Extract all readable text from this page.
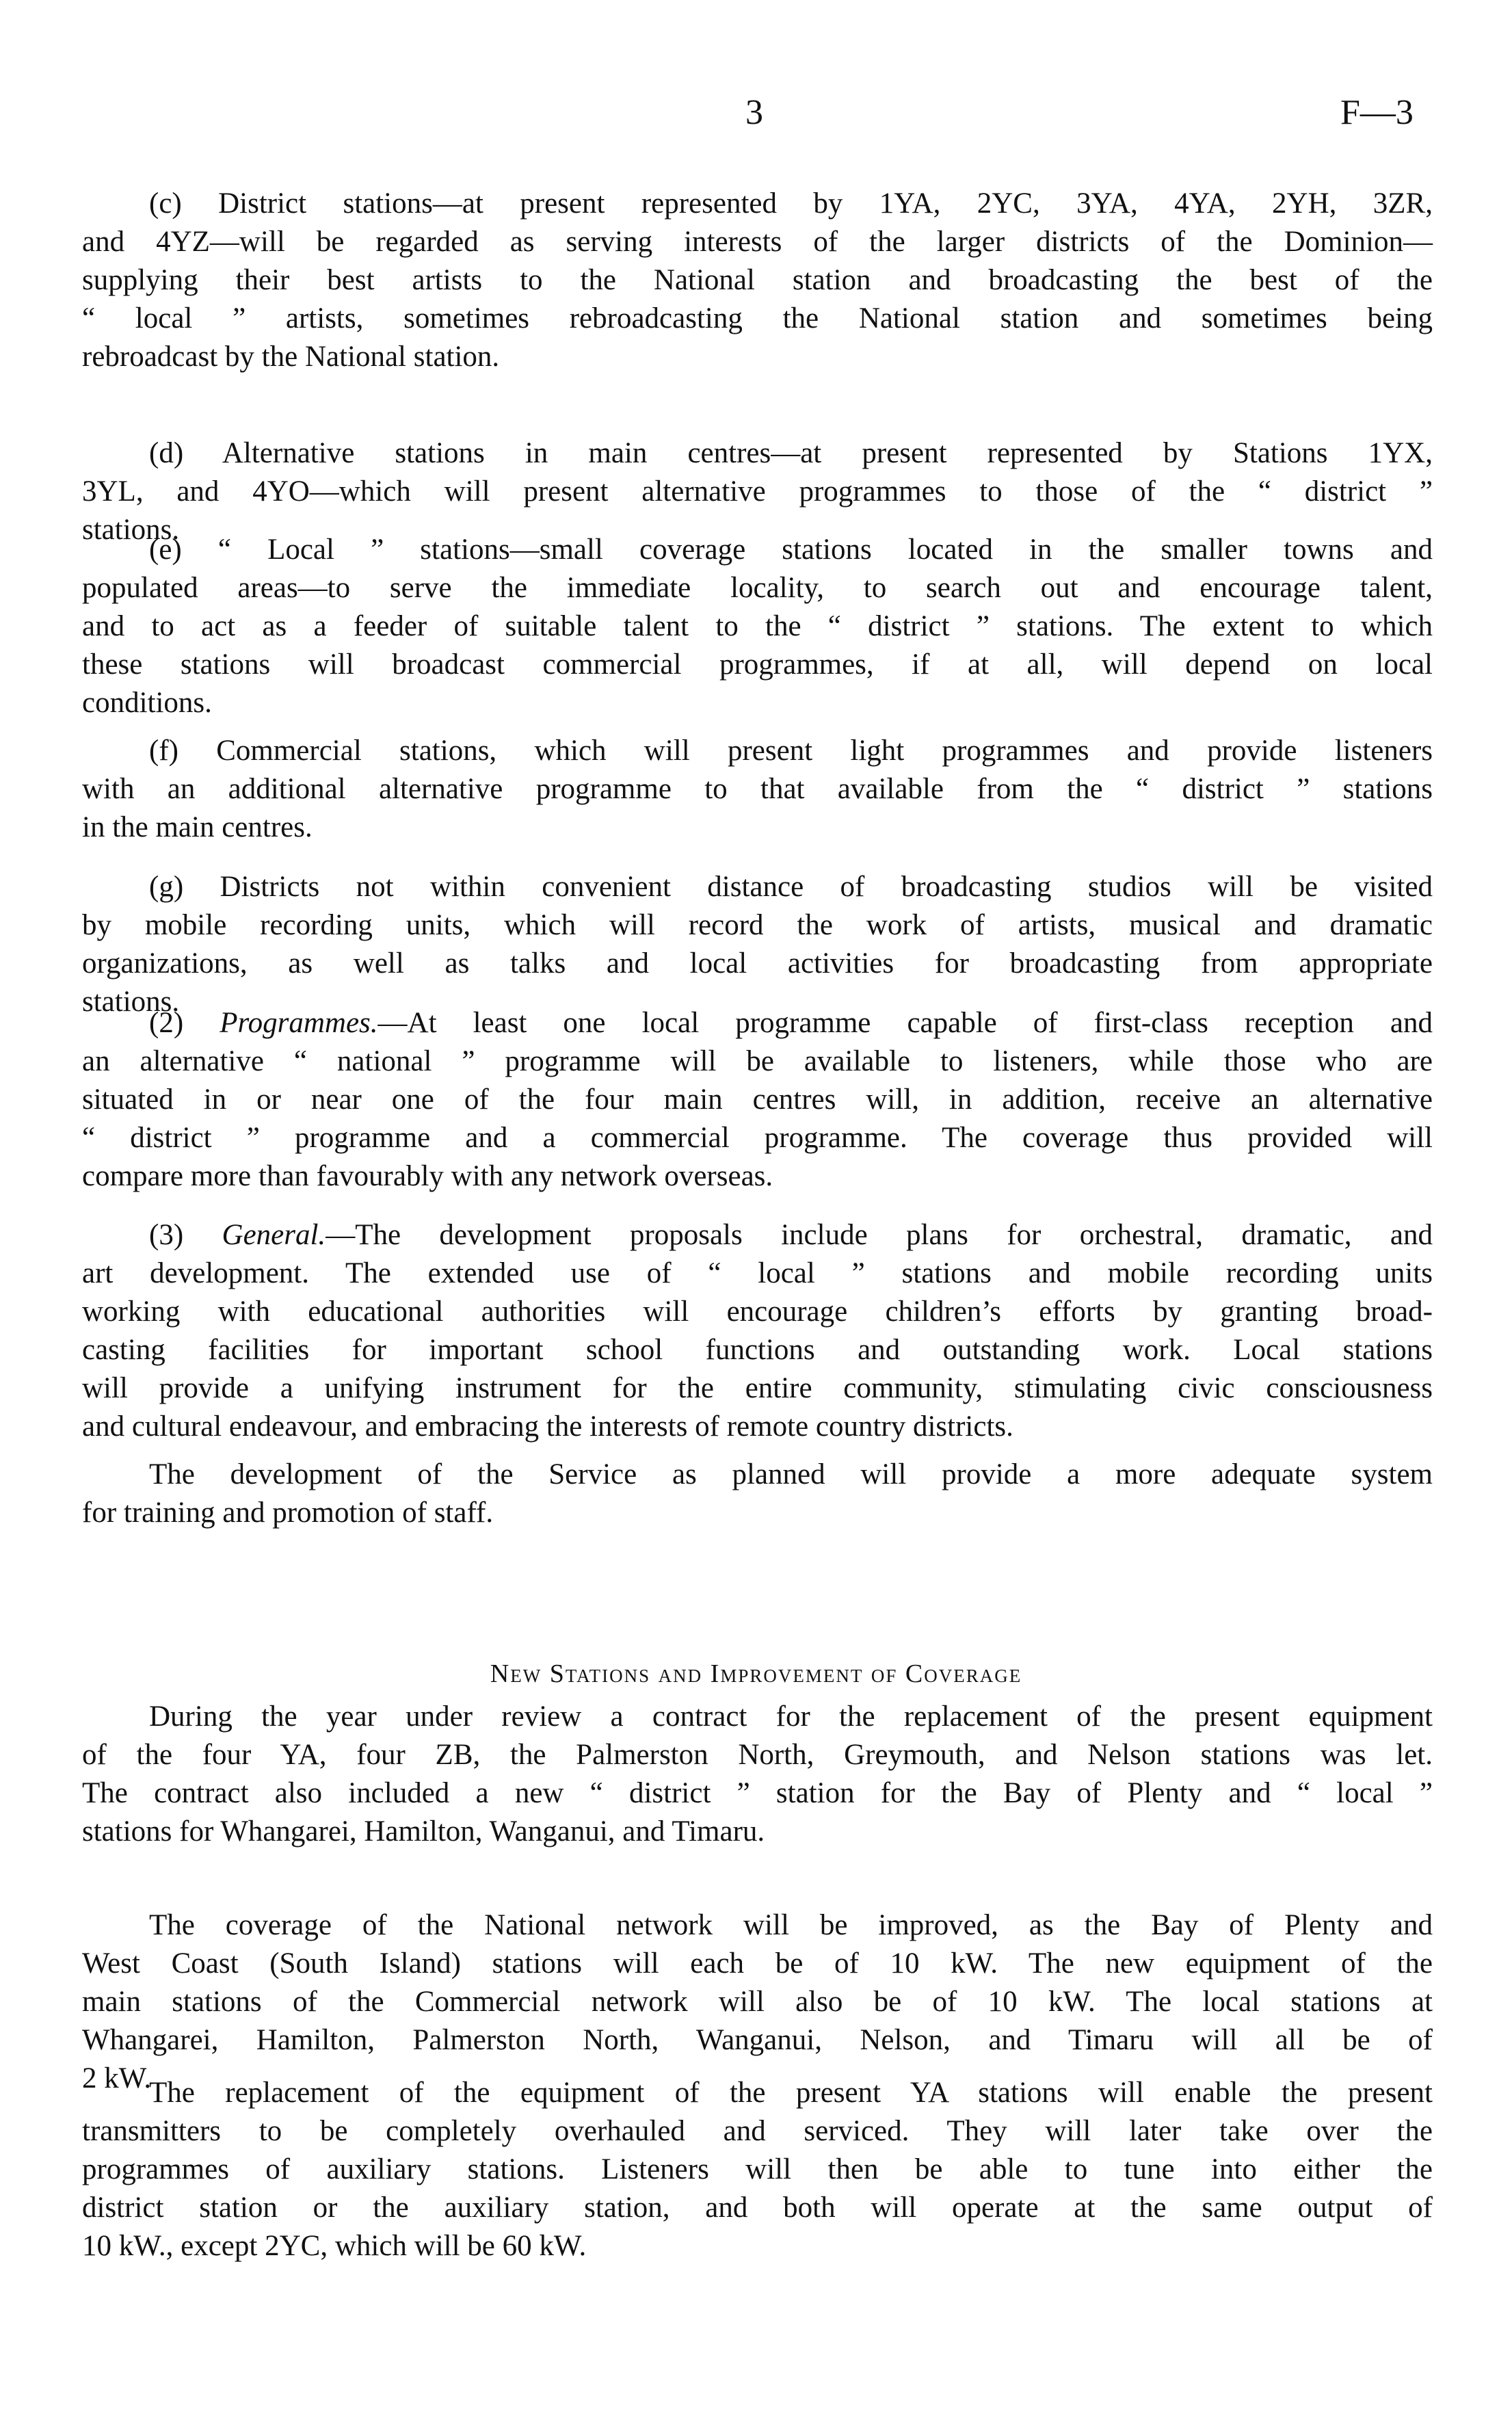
3	F—3
(c) District stations—at present represented by 1YA, 2YC, 3YA, 4YA, 2YH, 3ZR,
and 4YZ—will be regarded as serving interests of the larger districts of the Dominion—
supplying their best artists to the National station and broadcasting the best of the
“ local ” artists, sometimes rebroadcasting the National station and sometimes being
rebroadcast by the National station.
(d) Alternative stations in main centres—at present represented by Stations 1YX,
3YL, and 4YO—which will present alternative programmes to those of the “ district ”
stations.
(e) “ Local ” stations—small coverage stations located in the smaller towns and
populated areas—to serve the immediate locality, to search out and encourage talent,
and to act as a feeder of suitable talent to the “ district ” stations. The extent to which
these stations will broadcast commercial programmes, if at all, will depend on local
conditions.
(f) Commercial stations, which will present light programmes and provide listeners
with an additional alternative programme to that available from the “ district ” stations
in the main centres.
(g) Districts not within convenient distance of broadcasting studios will be visited
by mobile recording units, which will record the work of artists, musical and dramatic
organizations, as well as talks and local activities for broadcasting from appropriate
stations.
(2) Programmes.—At least one local programme capable of first-class reception and
an alternative “ national ” programme will be available to listeners, while those who are
situated in or near one of the four main centres will, in addition, receive an alternative
“ district ” programme and a commercial programme. The coverage thus provided will
compare more than favourably with any network overseas.
(3) General.—The development proposals include plans for orchestral, dramatic, and
art development. The extended use of “ local ” stations and mobile recording units
working with educational authorities will encourage children’s efforts by granting broad-
casting facilities for important school functions and outstanding work. Local stations
will provide a unifying instrument for the entire community, stimulating civic consciousness
and cultural endeavour, and embracing the interests of remote country districts.
The development of the Service as planned will provide a more adequate system
for training and promotion of staff.
New Stations and Improvement of Coverage
During the year under review a contract for the replacement of the present equipment
of the four YA, four ZB, the Palmerston North, Greymouth, and Nelson stations was let.
The contract also included a new “ district ” station for the Bay of Plenty and “ local ”
stations for Whangarei, Hamilton, Wanganui, and Timaru.
The coverage of the National network will be improved, as the Bay of Plenty and
West Coast (South Island) stations will each be of 10 kW. The new equipment of the
main stations of the Commercial network will also be of 10 kW. The local stations at
Whangarei, Hamilton, Palmerston North, Wanganui, Nelson, and Timaru will all be of
2 kW.
The replacement of the equipment of the present YA stations will enable the present
transmitters to be completely overhauled and serviced. They will later take over the
programmes of auxiliary stations. Listeners will then be able to tune into either the
district station or the auxiliary station, and both will operate at the same output of
10 kW., except 2YC, which will be 60 kW.
